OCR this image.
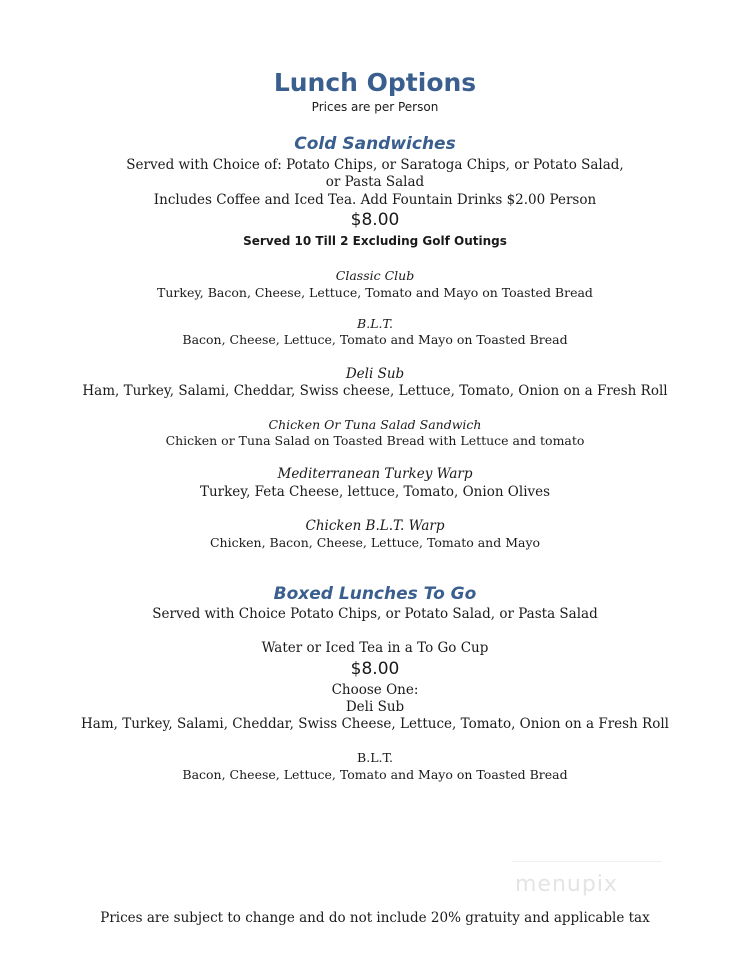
Lunch Options
Prices are per Person
Cold Sandwiches
Served with Choice of: Potato Chips, or Saratoga Chips, or Potato Salad,
or Pasta Salad
Includes Coffee and Iced Tea. Add Fountain Drinks $2.00 Person
$8.00
Served 10 Till 2 Excluding Golf Outings
Classic Club
Turkey, Bacon, Cheese, Lettuce, Tomato and Mayo on Toasted Bread
B.L.T.
Bacon, Cheese, Lettuce, Tomato and Mayo on Toasted Bread
Deli Sub
Ham, Turkey, Salami, Cheddar, Swiss cheese, Lettuce, Tomato, Onion on a Fresh Roll
Chicken Or Tuna Salad Sandwich
Chicken or Tuna Salad on Toasted Bread with Lettuce and tomato
Mediterranean Turkey Warp
Turkey, Feta Cheese, lettuce, Tomato, Onion Olives
Chicken B.L.T. Warp
Chicken, Bacon, Cheese, Lettuce, Tomato and Mayo
Boxed Lunches To Go
Served with Choice Potato Chips, or Potato Salad, or Pasta Salad
Water or Iced Tea in a To Go Cup
$8.00
Choose One:
Deli Sub
Ham, Turkey, Salami, Cheddar, Swiss Cheese, Lettuce, Tomato, Onion on a Fresh Roll
B.L.T.
Bacon, Cheese, Lettuce, Tomato and Mayo on Toasted Bread
menupix
Prices are subject to change and do not include 20% gratuity and applicable tax
